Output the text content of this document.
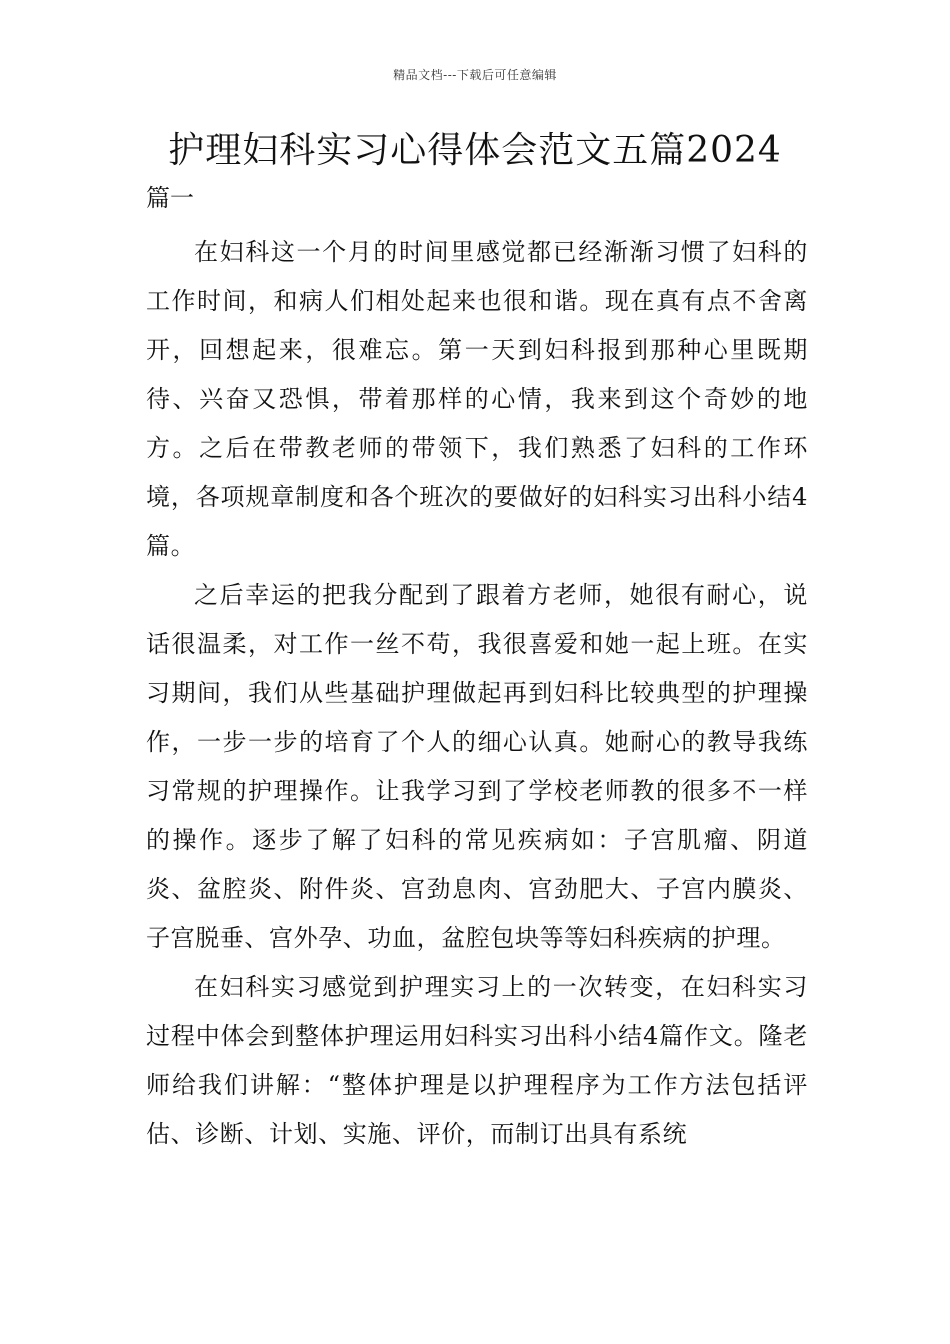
精品文档---下载后可任意编辑
护理妇科实习心得体会范文五篇2024
篇一

在妇科这一个月的时间里感觉都已经渐渐习惯了妇科的工作时间，和病人们相处起来也很和谐。现在真有点不舍离开，回想起来，很难忘。第一天到妇科报到那种心里既期待、兴奋又恐惧，带着那样的心情，我来到这个奇妙的地方。之后在带教老师的带领下，我们熟悉了妇科的工作环境，各项规章制度和各个班次的要做好的妇科实习出科小结4篇。

之后幸运的把我分配到了跟着方老师，她很有耐心，说话很温柔，对工作一丝不苟，我很喜爱和她一起上班。在实习期间，我们从些基础护理做起再到妇科比较典型的护理操作，一步一步的培育了个人的细心认真。她耐心的教导我练习常规的护理操作。让我学习到了学校老师教的很多不一样的操作。逐步了解了妇科的常见疾病如：子宫肌瘤、阴道炎、盆腔炎、附件炎、宫劲息肉、宫劲肥大、子宫内膜炎、子宫脱垂、宫外孕、功血，盆腔包块等等妇科疾病的护理。

在妇科实习感觉到护理实习上的一次转变，在妇科实习过程中体会到整体护理运用妇科实习出科小结4篇作文。隆老师给我们讲解：“整体护理是以护理程序为工作方法包括评估、诊断、计划、实施、评价，而制订出具有系统
